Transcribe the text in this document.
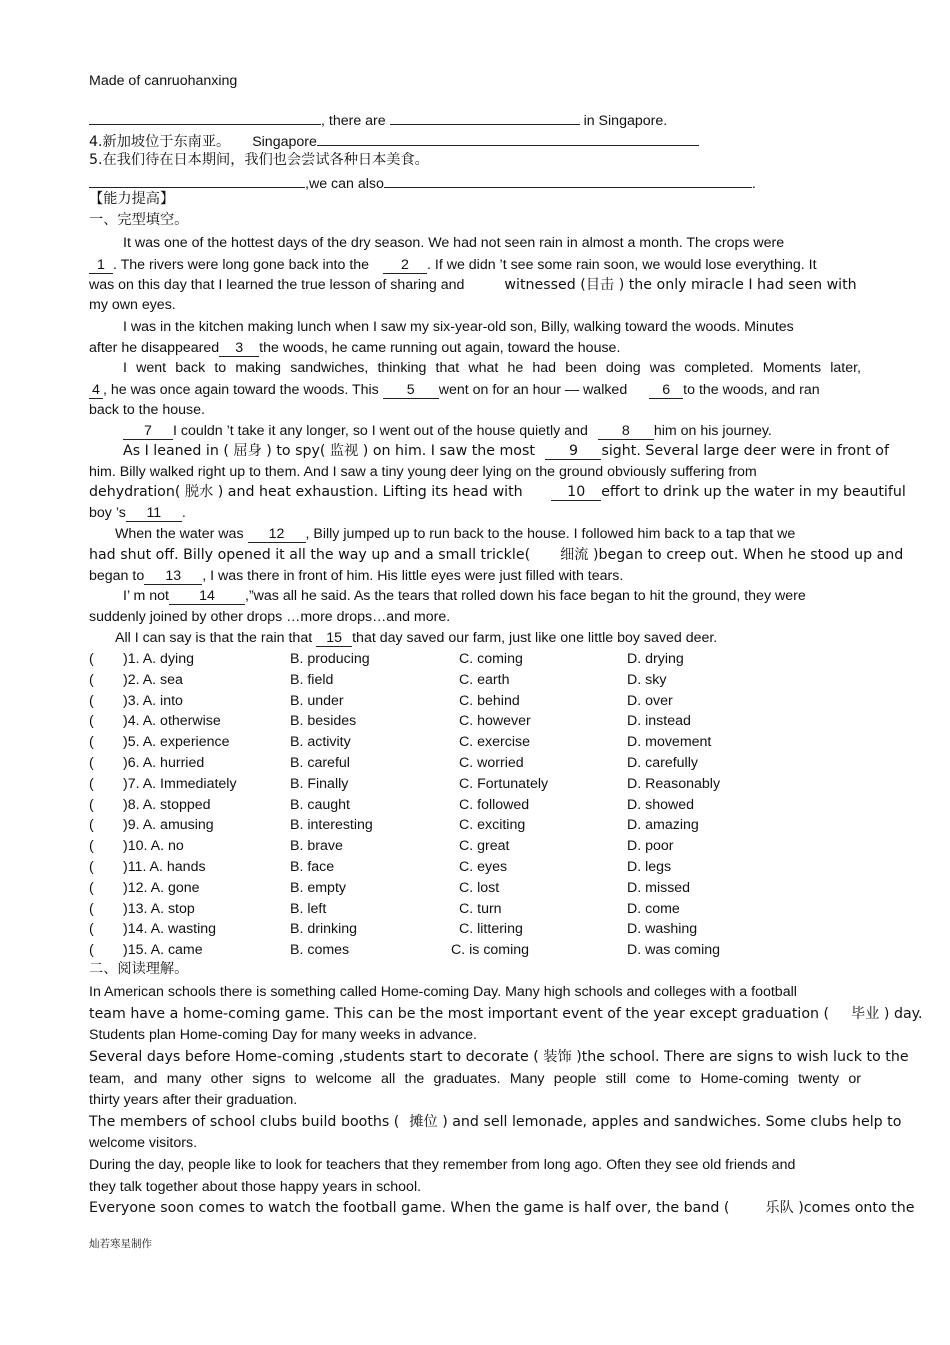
Made of canruohanxing
, there are	in Singapore.
4.新加坡位于东南亚。 Singapore
5.在我们待在日本期间，我们也会尝试各种日本美食。
,we can also	.
【能力提高】
一、完型填空。
It was one of the hottest days of the dry season. We had not seen rain in almost a month. The crops were
1 . The rivers were long gone back into the 2 . If we didn ’t see some rain soon, we would lose everything. It
was on this day that I learned the true lesson of sharing and	witnessed (目击 ) the only miracle I had seen with
my own eyes.
I was in the kitchen making lunch when I saw my six-year-old son, Billy, walking toward the woods. Minutes
after he disappeared 3 the woods, he came running out again, toward the house.
I went back to making sandwiches, thinking that what he had been doing was completed. Moments later,
4 , he was once again toward the woods. This 5 went on for an hour — walked 6 to the woods, and ran
back to the house.
7 I couldn ’t take it any longer, so I went out of the house quietly and 8 him on his journey.
As I leaned in ( 屈身 ) to spy( 监视 ) on him. I saw the most 9 sight. Several large deer were in front of
him. Billy walked right up to them. And I saw a tiny young deer lying on the ground obviously suffering from
dehydration( 脱水 ) and heat exhaustion. Lifting its head with	10 effort to drink up the water in my beautiful
boy ’s 11 .
When the water was 12 , Billy jumped up to run back to the house. I followed him back to a tap that we
had shut off. Billy opened it all the way up and a small trickle( 细流 )began to creep out. When he stood up and
began to 13 , I was there in front of him. His little eyes were just filled with tears.
I’ m not 14 ,”was all he said. As the tears that rolled down his face began to hit the ground, they were
suddenly joined by other drops …more drops…and more.
All I can say is that the rain that 15 that day saved our farm, just like one little boy saved deer.
( )1. A. dying	B. producing	C. coming	D. drying
( )2. A. sea	B. field	C. earth	D. sky
( )3. A. into	B. under	C. behind	D. over
( )4. A. otherwise	B. besides	C. however	D. instead
( )5. A. experience	B. activity	C. exercise	D. movement
( )6. A. hurried	B. careful	C. worried	D. carefully
( )7. A. Immediately	B. Finally	C. Fortunately	D. Reasonably
( )8. A. stopped	B. caught	C. followed	D. showed
( )9. A. amusing	B. interesting	C. exciting	D. amazing
( )10. A. no	B. brave	C. great	D. poor
( )11. A. hands	B. face	C. eyes	D. legs
( )12. A. gone	B. empty	C. lost	D. missed
( )13. A. stop	B. left	C. turn	D. come
( )14. A. wasting	B. drinking	C. littering	D. washing
( )15. A. came	B. comes	C. is coming	D. was coming
二、阅读理解。
In American schools there is something called Home-coming Day. Many high schools and colleges with a football
team have a home-coming game. This can be the most important event of the year except graduation ( 毕业 ) day.
Students plan Home-coming Day for many weeks in advance.
Several days before Home-coming ,students start to decorate ( 装饰 )the school. There are signs to wish luck to the
team, and many other signs to welcome all the graduates. Many people still come to Home-coming twenty or
thirty years after their graduation.
The members of school clubs build booths ( 摊位 ) and sell lemonade, apples and sandwiches. Some clubs help to
welcome visitors.
During the day, people like to look for teachers that they remember from long ago. Often they see old friends and
they talk together about those happy years in school.
Everyone soon comes to watch the football game. When the game is half over, the band (	乐队 )comes onto the
灿若寒星制作
